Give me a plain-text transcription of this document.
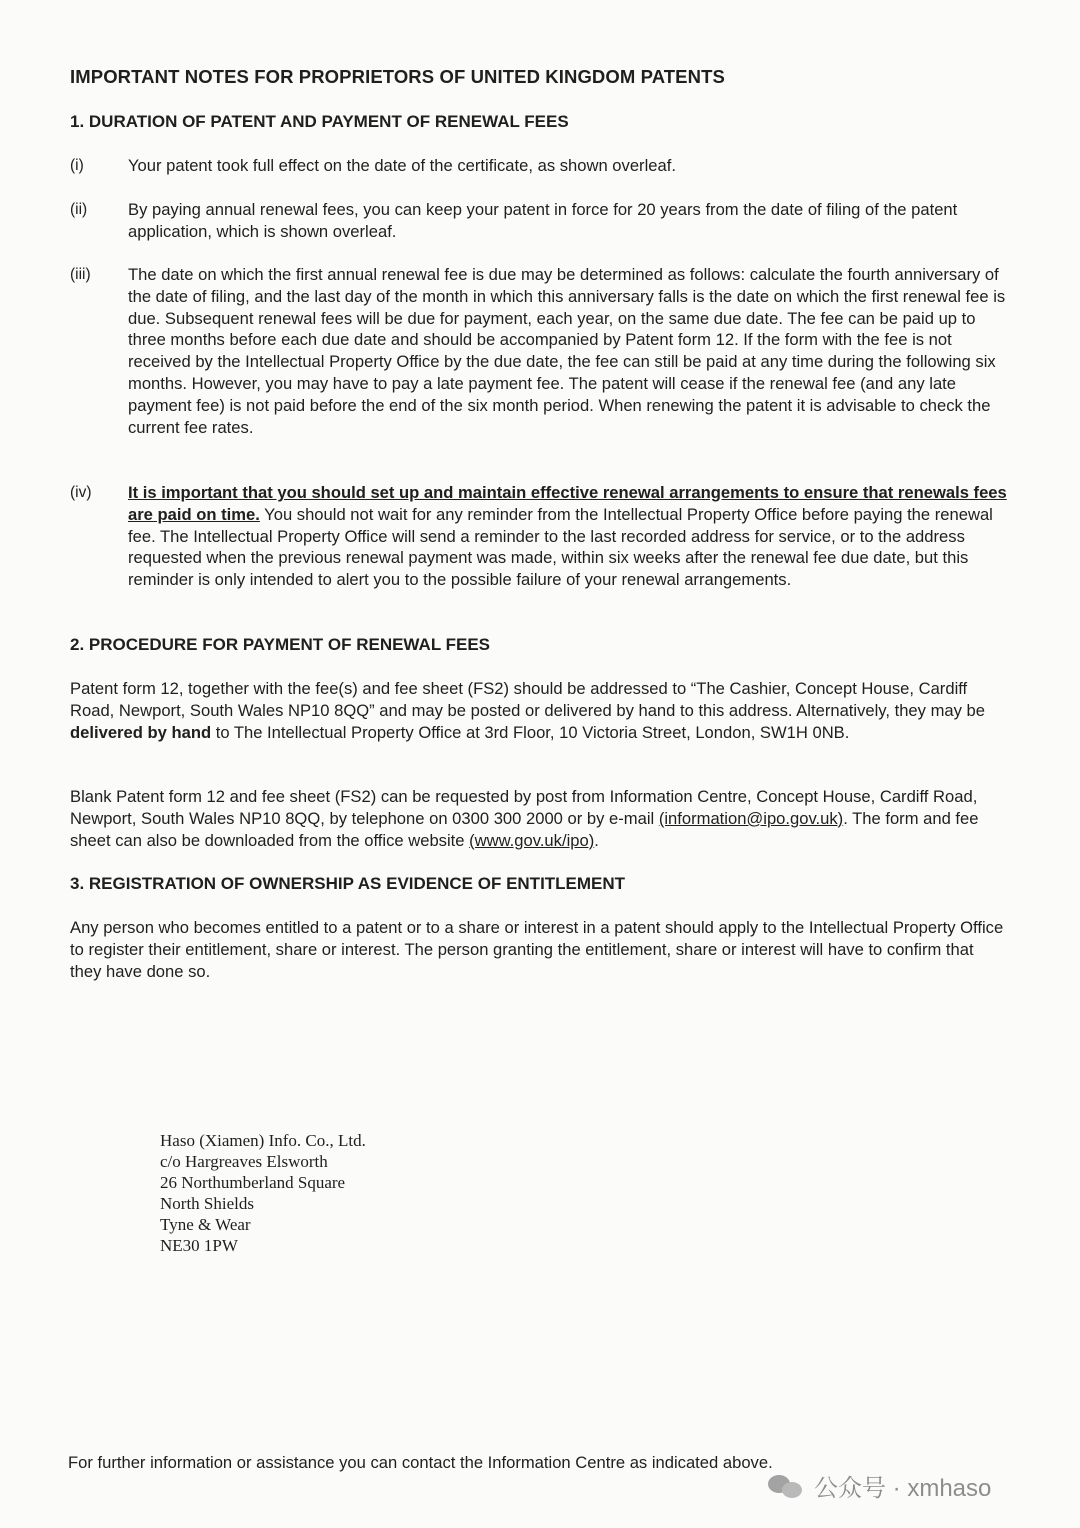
IMPORTANT NOTES FOR PROPRIETORS OF UNITED KINGDOM PATENTS
1. DURATION OF PATENT AND PAYMENT OF RENEWAL FEES
(i)	Your patent took full effect on the date of the certificate, as shown overleaf.

(ii)	By paying annual renewal fees, you can keep your patent in force for 20 years from the date of filing of the patent application, which is shown overleaf.

(iii)	The date on which the first annual renewal fee is due may be determined as follows: calculate the fourth anniversary of the date of filing, and the last day of the month in which this anniversary falls is the date on which the first renewal fee is due. Subsequent renewal fees will be due for payment, each year, on the same due date. The fee can be paid up to three months before each due date and should be accompanied by Patent form 12. If the form with the fee is not received by the Intellectual Property Office by the due date, the fee can still be paid at any time during the following six months. However, you may have to pay a late payment fee. The patent will cease if the renewal fee (and any late payment fee) is not paid before the end of the six month period. When renewing the patent it is advisable to check the current fee rates.

(iv)	It is important that you should set up and maintain effective renewal arrangements to ensure that renewals fees are paid on time. You should not wait for any reminder from the Intellectual Property Office before paying the renewal fee. The Intellectual Property Office will send a reminder to the last recorded address for service, or to the address requested when the previous renewal payment was made, within six weeks after the renewal fee due date, but this reminder is only intended to alert you to the possible failure of your renewal arrangements.

2. PROCEDURE FOR PAYMENT OF RENEWAL FEES

Patent form 12, together with the fee(s) and fee sheet (FS2) should be addressed to “The Cashier, Concept House, Cardiff Road, Newport, South Wales NP10 8QQ” and may be posted or delivered by hand to this address. Alternatively, they may be delivered by hand to The Intellectual Property Office at 3rd Floor, 10 Victoria Street, London, SW1H 0NB.

Blank Patent form 12 and fee sheet (FS2) can be requested by post from Information Centre, Concept House, Cardiff Road, Newport, South Wales NP10 8QQ, by telephone on 0300 300 2000 or by e-mail (information@ipo.gov.uk). The form and fee sheet can also be downloaded from the office website (www.gov.uk/ipo).

3. REGISTRATION OF OWNERSHIP AS EVIDENCE OF ENTITLEMENT

Any person who becomes entitled to a patent or to a share or interest in a patent should apply to the Intellectual Property Office to register their entitlement, share or interest. The person granting the entitlement, share or interest will have to confirm that they have done so.

Haso (Xiamen) Info. Co., Ltd.
c/o Hargreaves Elsworth
26 Northumberland Square
North Shields
Tyne & Wear
NE30 1PW

For further information or assistance you can contact the Information Centre as indicated above.

公众号 · xmhaso
